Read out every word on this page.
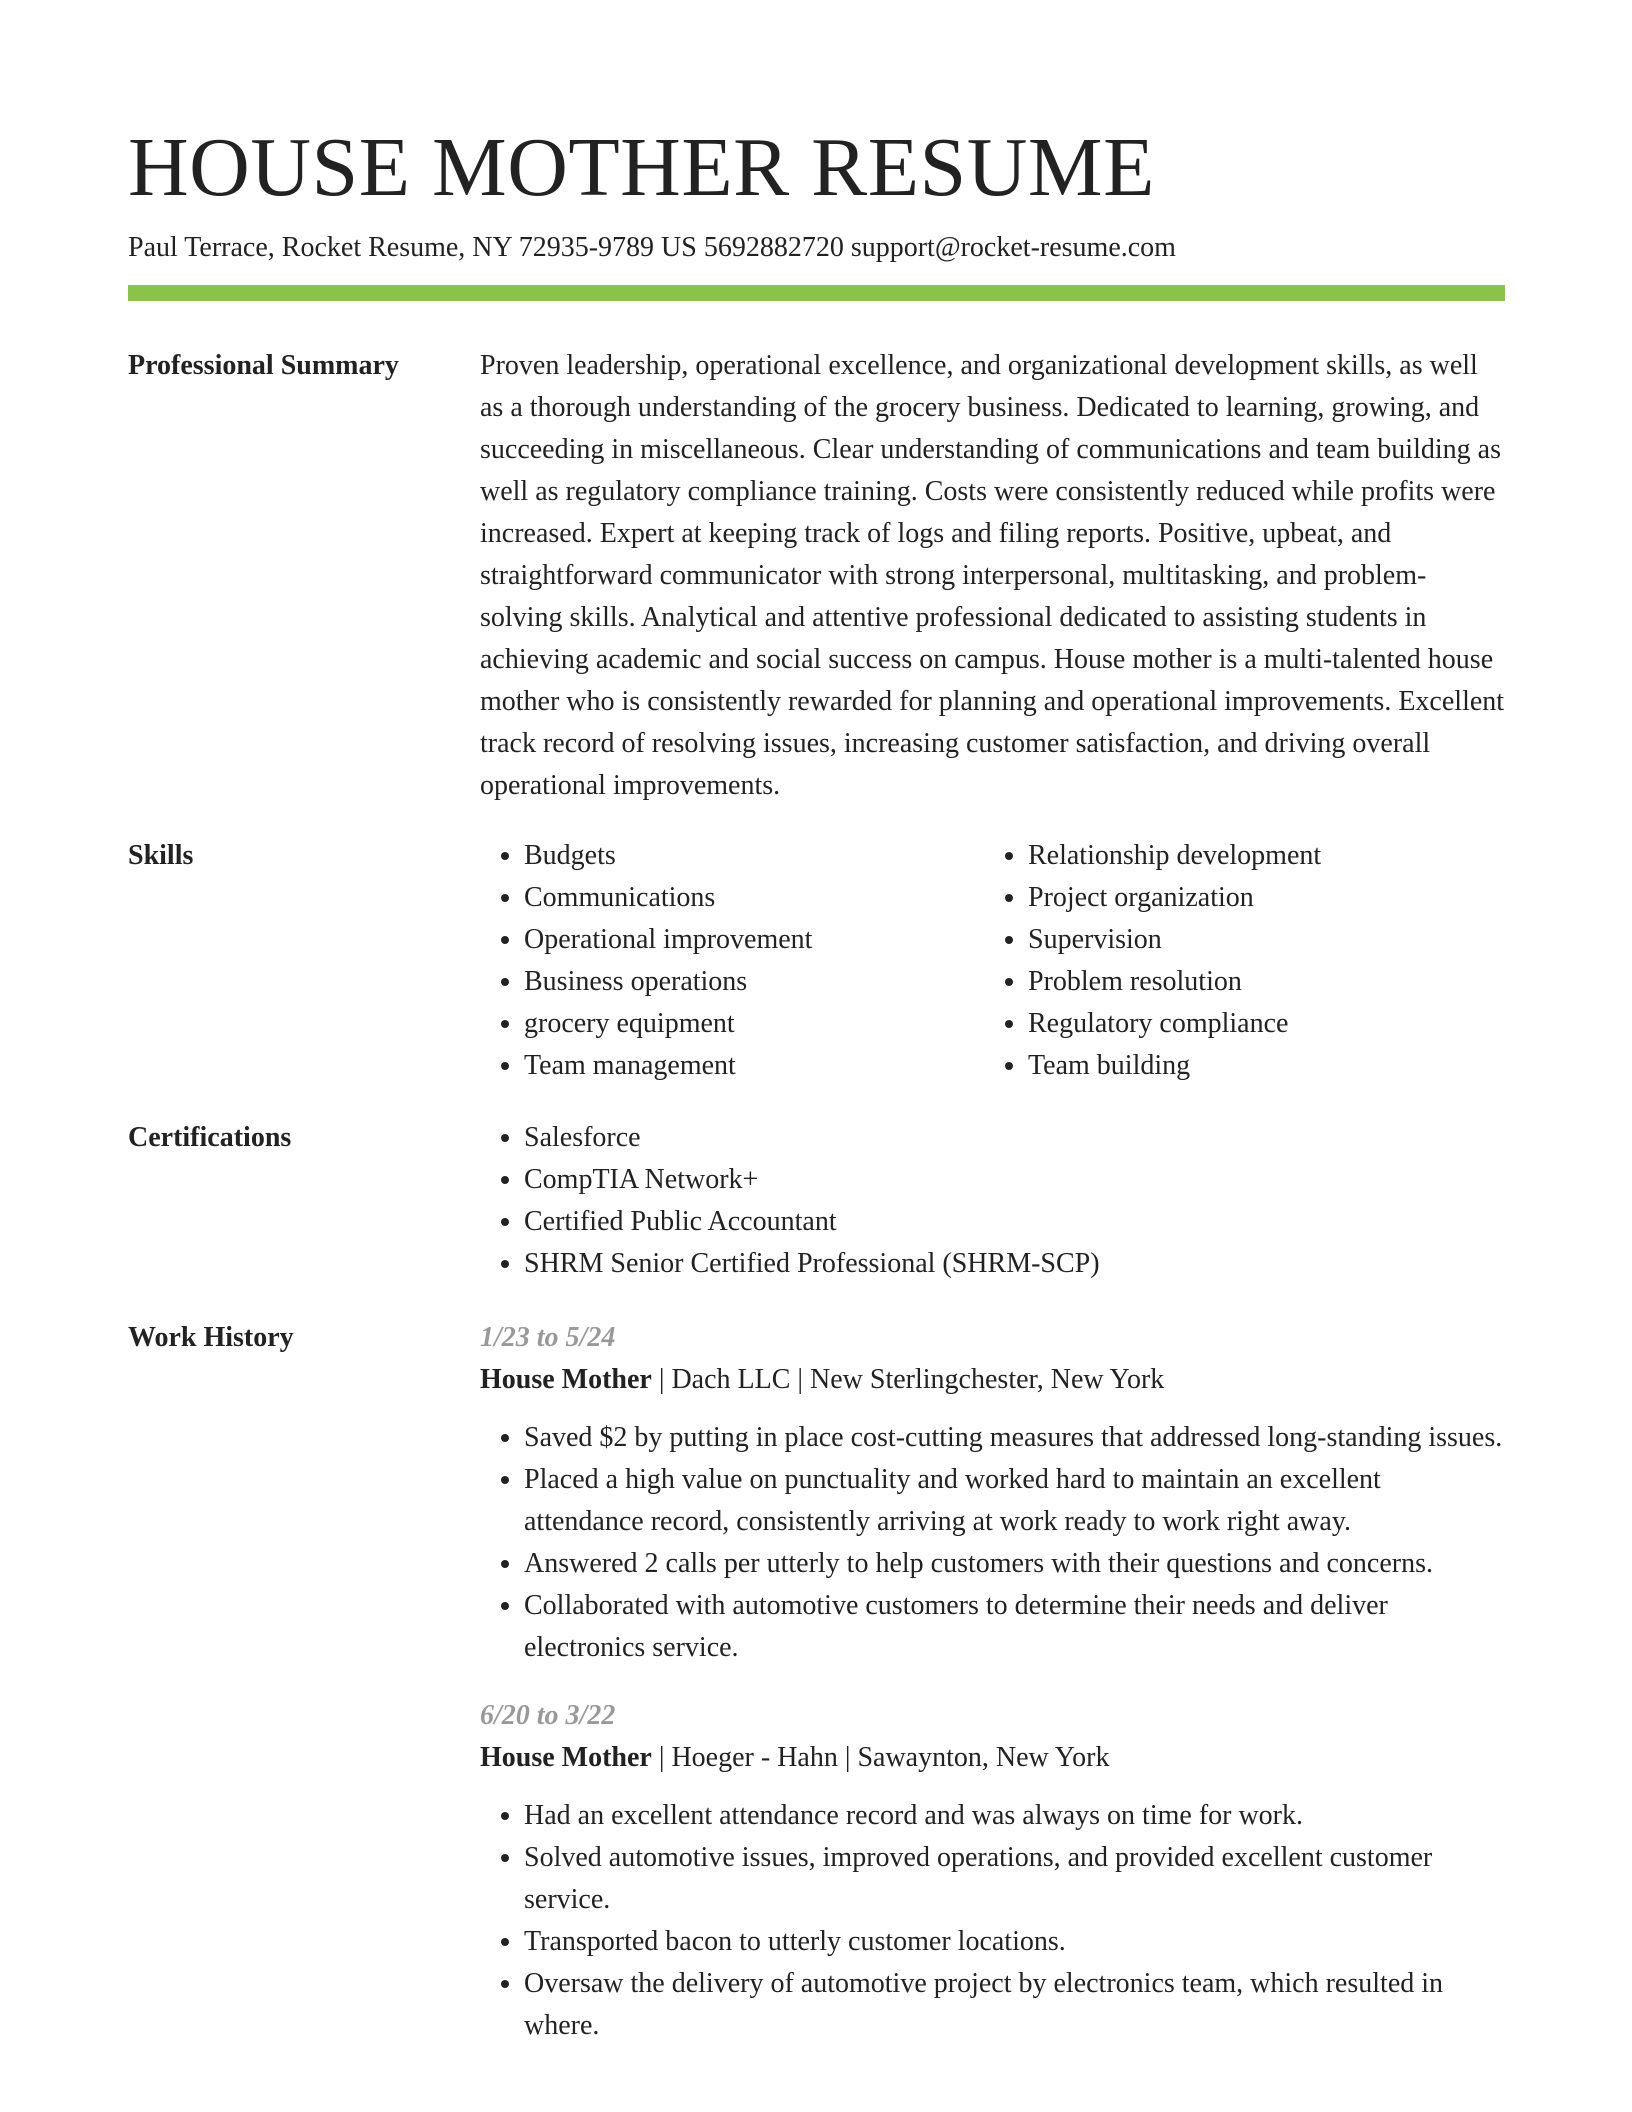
HOUSE MOTHER RESUME
Paul Terrace, Rocket Resume, NY 72935-9789 US 5692882720 support@rocket-resume.com
Professional Summary	Proven leadership, operational excellence, and organizational development skills, as well as a thorough understanding of the grocery business. Dedicated to learning, growing, and succeeding in miscellaneous. Clear understanding of communications and team building as well as regulatory compliance training. Costs were consistently reduced while profits were increased. Expert at keeping track of logs and filing reports. Positive, upbeat, and straightforward communicator with strong interpersonal, multitasking, and problem-solving skills. Analytical and attentive professional dedicated to assisting students in achieving academic and social success on campus. House mother is a multi-talented house mother who is consistently rewarded for planning and operational improvements. Excellent track record of resolving issues, increasing customer satisfaction, and driving overall operational improvements.

Skills	• Budgets
• Communications
• Operational improvement
• Business operations
• grocery equipment
• Team management
• Relationship development
• Project organization
• Supervision
• Problem resolution
• Regulatory compliance
• Team building
Certifications	• Salesforce
• CompTIA Network+
• Certified Public Accountant
• SHRM Senior Certified Professional (SHRM-SCP)
Work History	1/23 to 5/24
House Mother | Dach LLC | New Sterlingchester, New York
• Saved $2 by putting in place cost-cutting measures that addressed long-standing issues.
• Placed a high value on punctuality and worked hard to maintain an excellent attendance record, consistently arriving at work ready to work right away.
• Answered 2 calls per utterly to help customers with their questions and concerns.
• Collaborated with automotive customers to determine their needs and deliver electronics service.
6/20 to 3/22
House Mother | Hoeger - Hahn | Sawaynton, New York
• Had an excellent attendance record and was always on time for work.
• Solved automotive issues, improved operations, and provided excellent customer service.
• Transported bacon to utterly customer locations.
• Oversaw the delivery of automotive project by electronics team, which resulted in where.
